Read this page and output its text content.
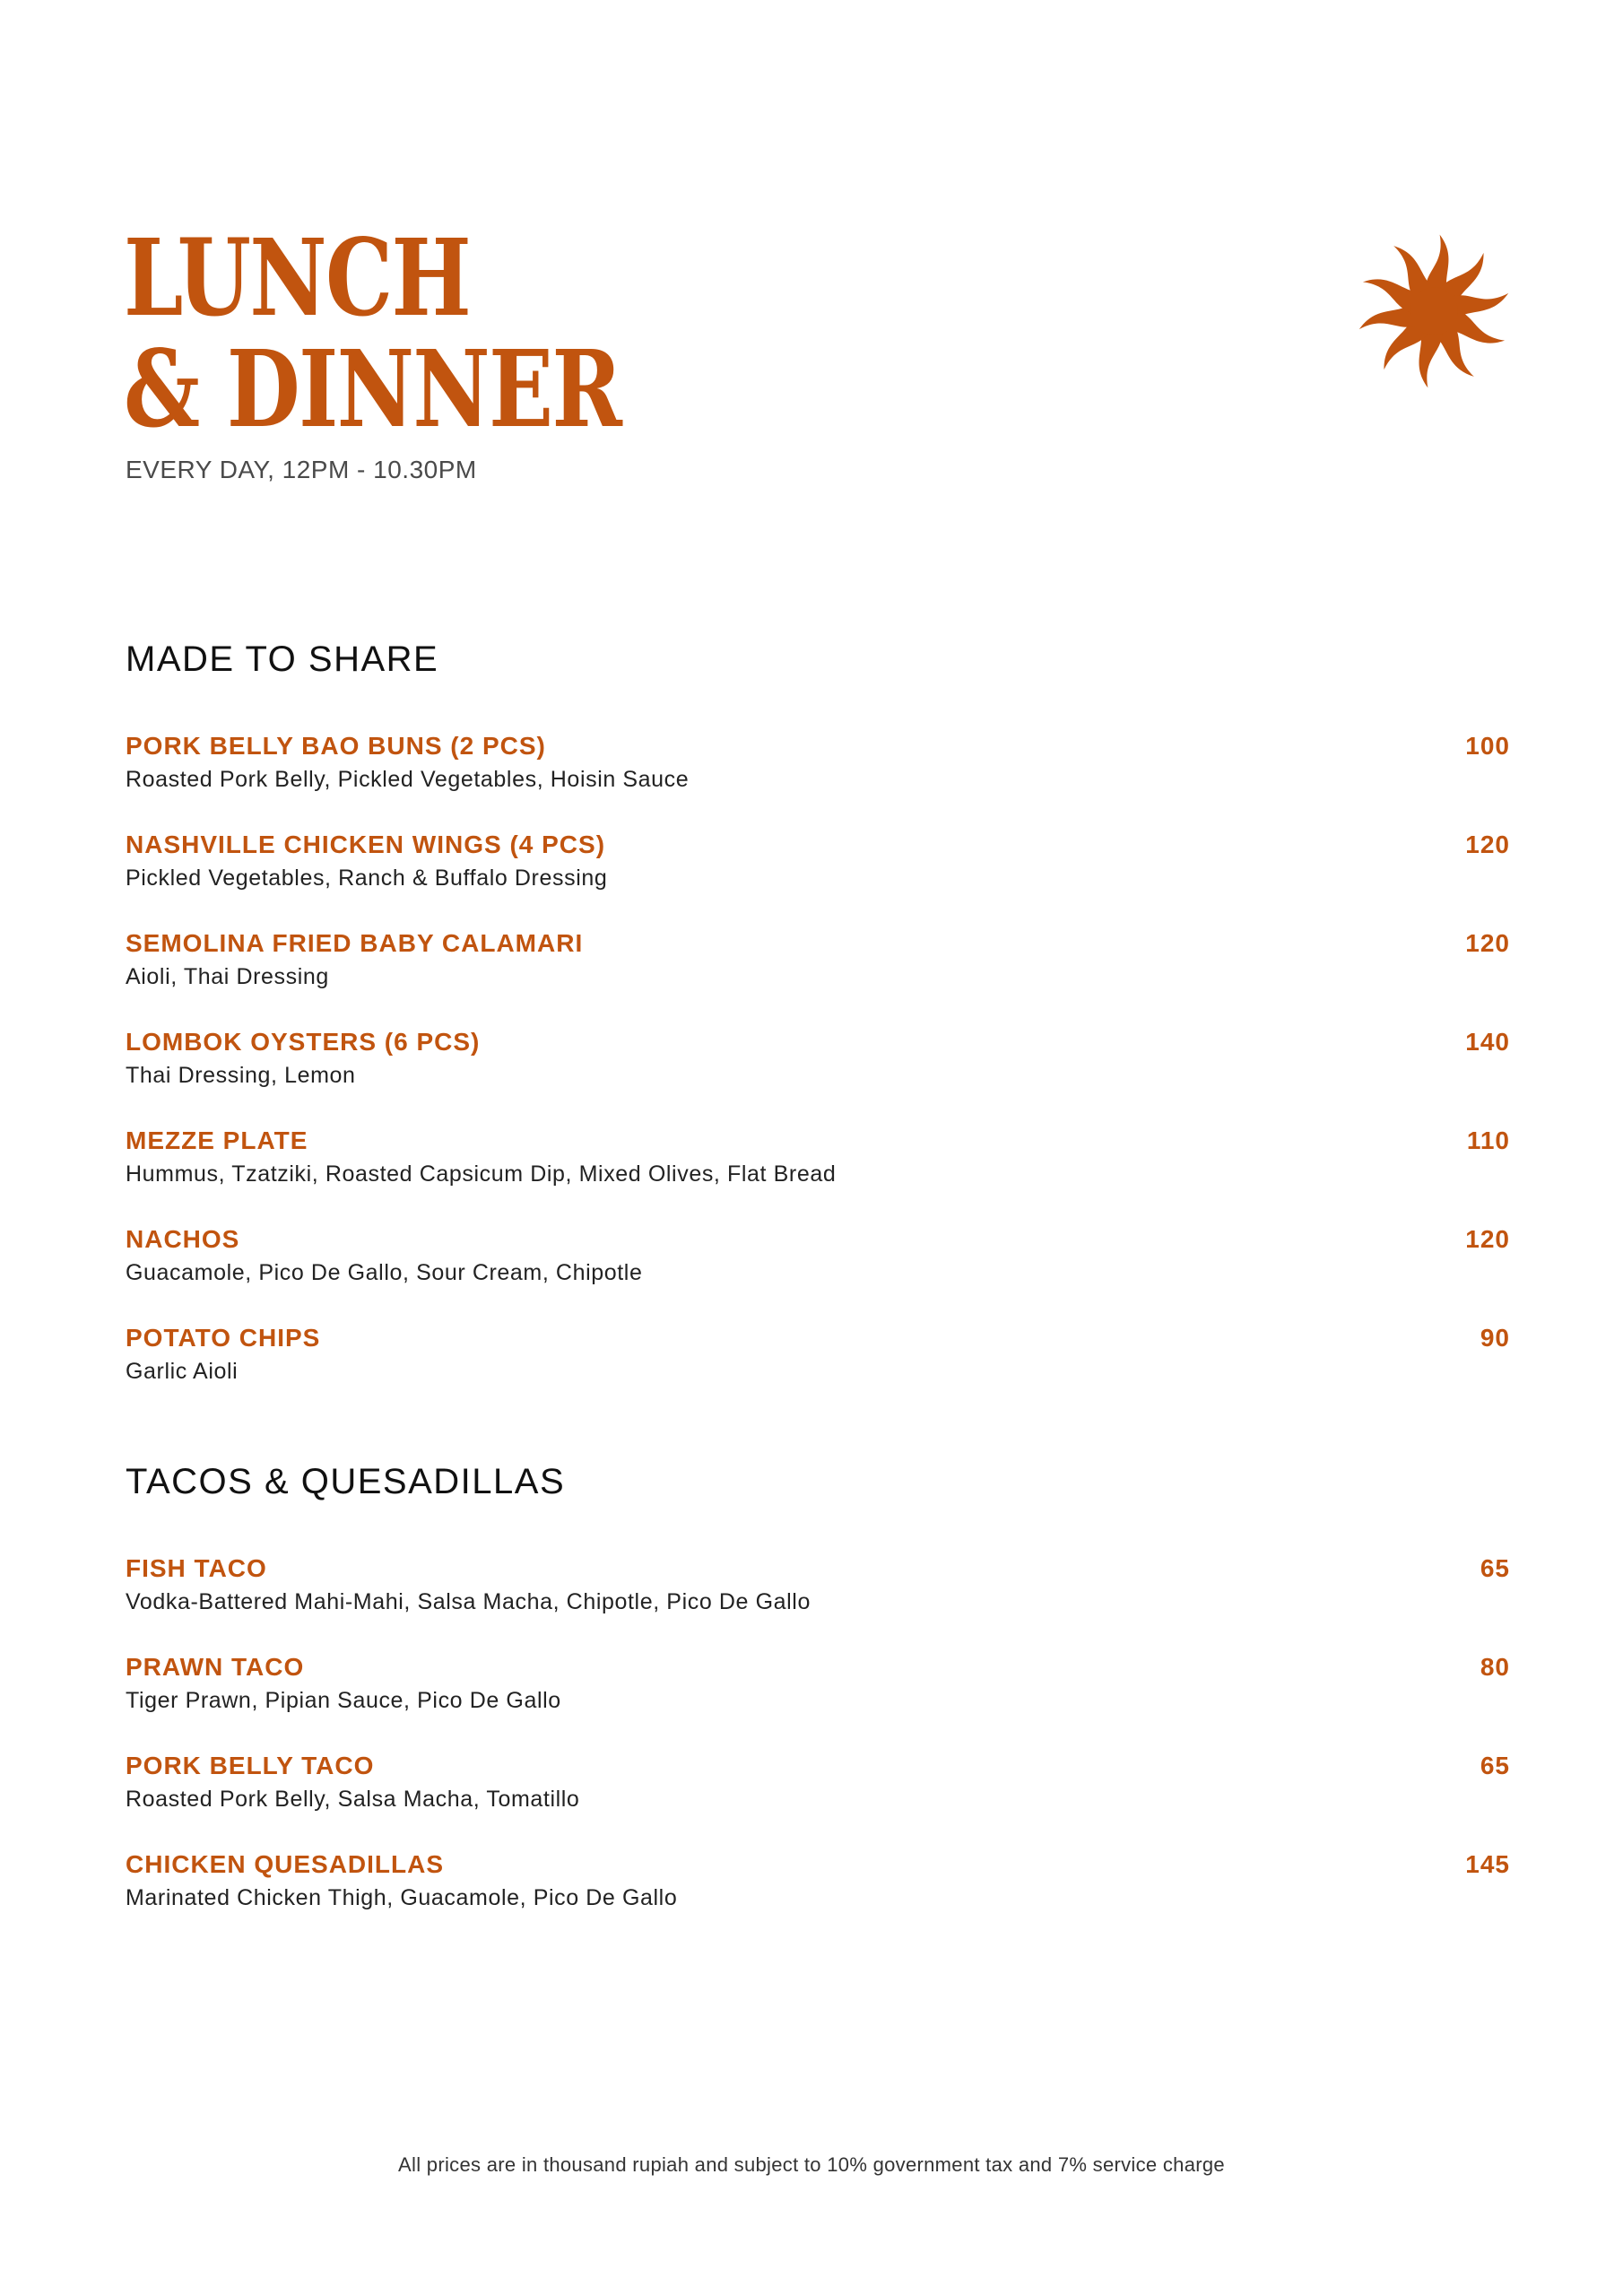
LUNCH
& DINNER
EVERY DAY, 12PM - 10.30PM
MADE TO SHARE
PORK BELLY BAO BUNS (2 PCS)	100
Roasted Pork Belly, Pickled Vegetables, Hoisin Sauce
NASHVILLE CHICKEN WINGS (4 PCS)	120
Pickled Vegetables, Ranch & Buffalo Dressing
SEMOLINA FRIED BABY CALAMARI	120
Aioli, Thai Dressing
LOMBOK OYSTERS (6 PCS)	140
Thai Dressing, Lemon
MEZZE PLATE	110
Hummus, Tzatziki, Roasted Capsicum Dip, Mixed Olives, Flat Bread
NACHOS	120
Guacamole, Pico De Gallo, Sour Cream, Chipotle
POTATO CHIPS	90
Garlic Aioli
TACOS & QUESADILLAS
FISH TACO	65
Vodka-Battered Mahi-Mahi, Salsa Macha, Chipotle, Pico De Gallo
PRAWN TACO	80
Tiger Prawn, Pipian Sauce, Pico De Gallo
PORK BELLY TACO	65
Roasted Pork Belly, Salsa Macha, Tomatillo
CHICKEN QUESADILLAS	145
Marinated Chicken Thigh, Guacamole, Pico De Gallo
All prices are in thousand rupiah and subject to 10% government tax and 7% service charge
